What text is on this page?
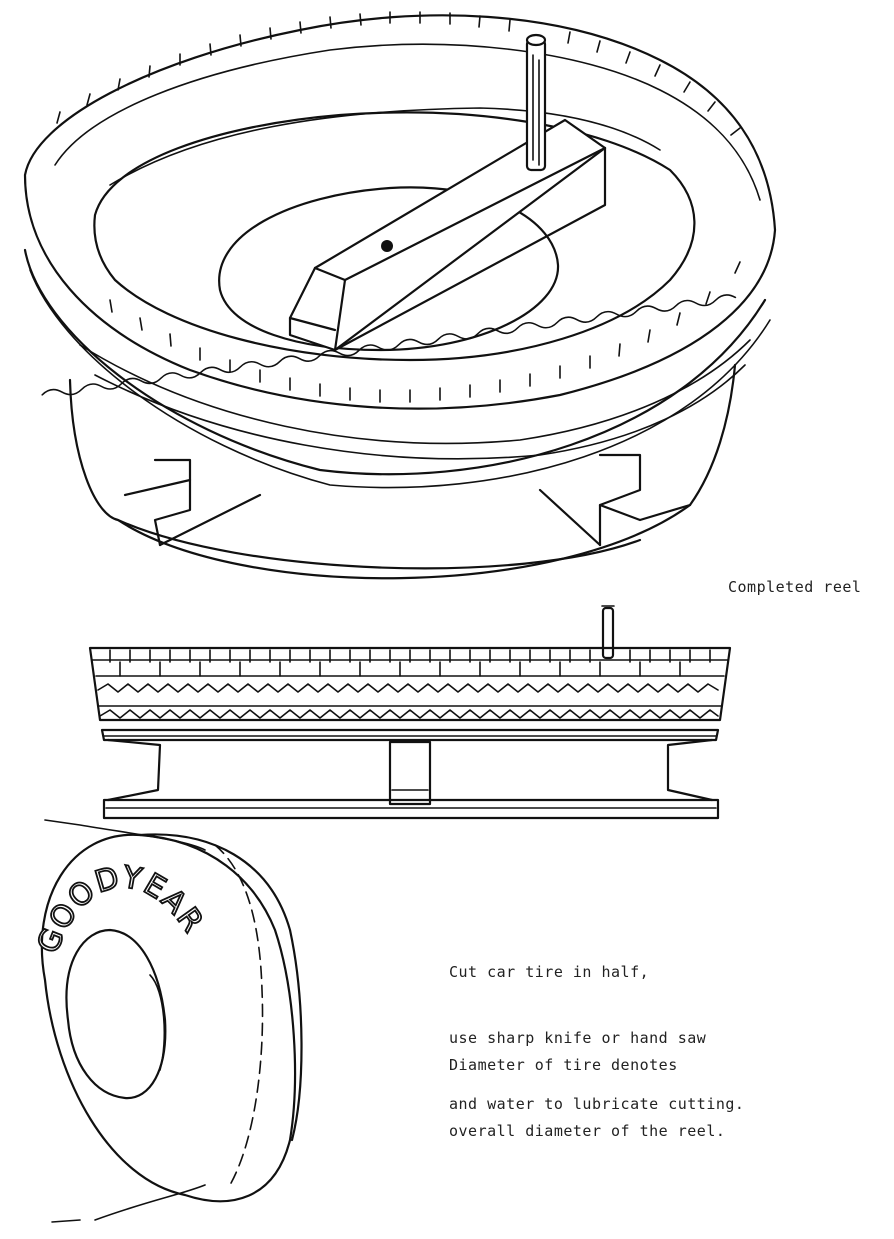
GOODYEAR
Completed reel

Cut car tire in half,

use sharp knife or hand saw

and water to lubricate cutting.

Diameter of tire denotes

overall diameter of the reel.
